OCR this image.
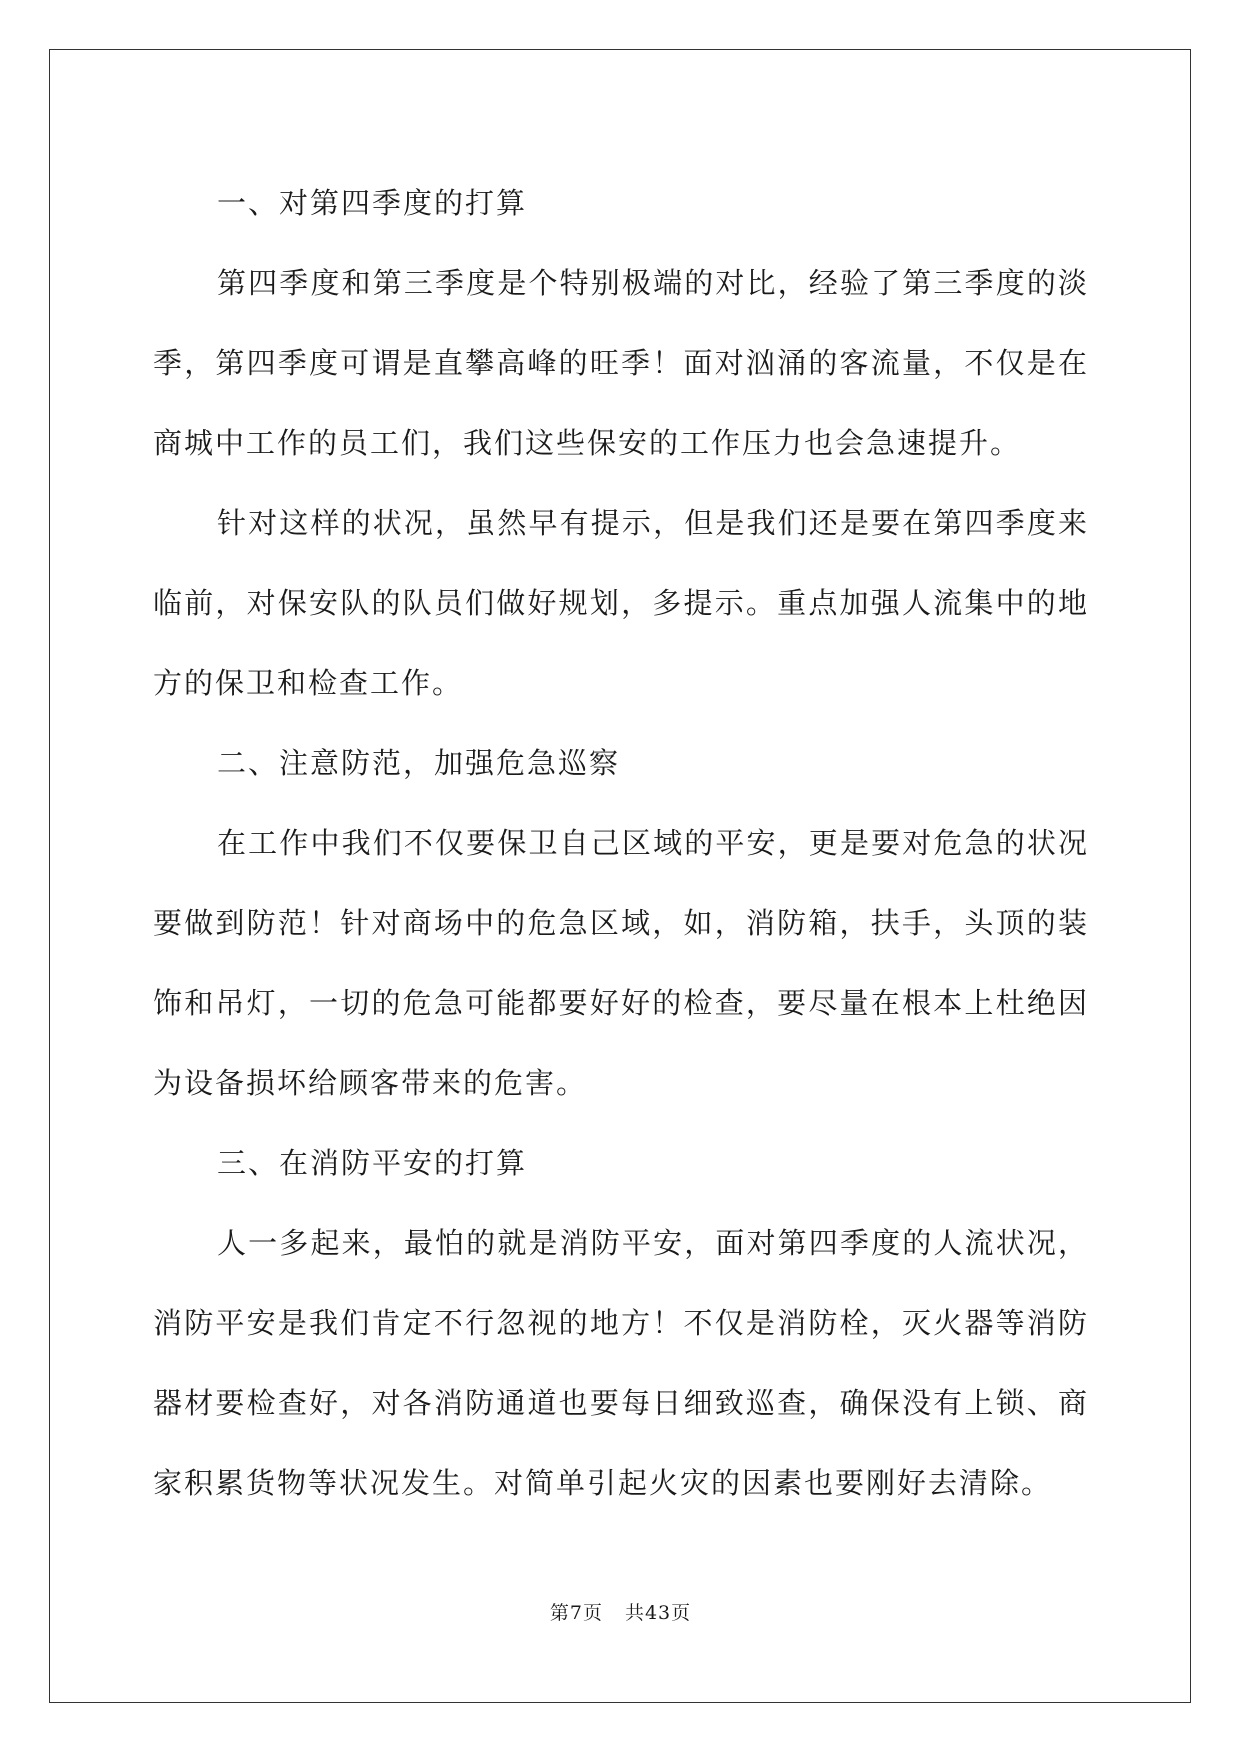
一、对第四季度的打算

第四季度和第三季度是个特别极端的对比，经验了第三季度的淡季，第四季度可谓是直攀高峰的旺季！面对汹涌的客流量，不仅是在商城中工作的员工们，我们这些保安的工作压力也会急速提升。

针对这样的状况，虽然早有提示，但是我们还是要在第四季度来临前，对保安队的队员们做好规划，多提示。重点加强人流集中的地方的保卫和检查工作。

二、注意防范，加强危急巡察

在工作中我们不仅要保卫自己区域的平安，更是要对危急的状况要做到防范！针对商场中的危急区域，如，消防箱，扶手，头顶的装饰和吊灯，一切的危急可能都要好好的检查，要尽量在根本上杜绝因为设备损坏给顾客带来的危害。

三、在消防平安的打算

人一多起来，最怕的就是消防平安，面对第四季度的人流状况，消防平安是我们肯定不行忽视的地方！不仅是消防栓，灭火器等消防器材要检查好，对各消防通道也要每日细致巡查，确保没有上锁、商家积累货物等状况发生。对简单引起火灾的因素也要刚好去清除。

第7页 共43页
